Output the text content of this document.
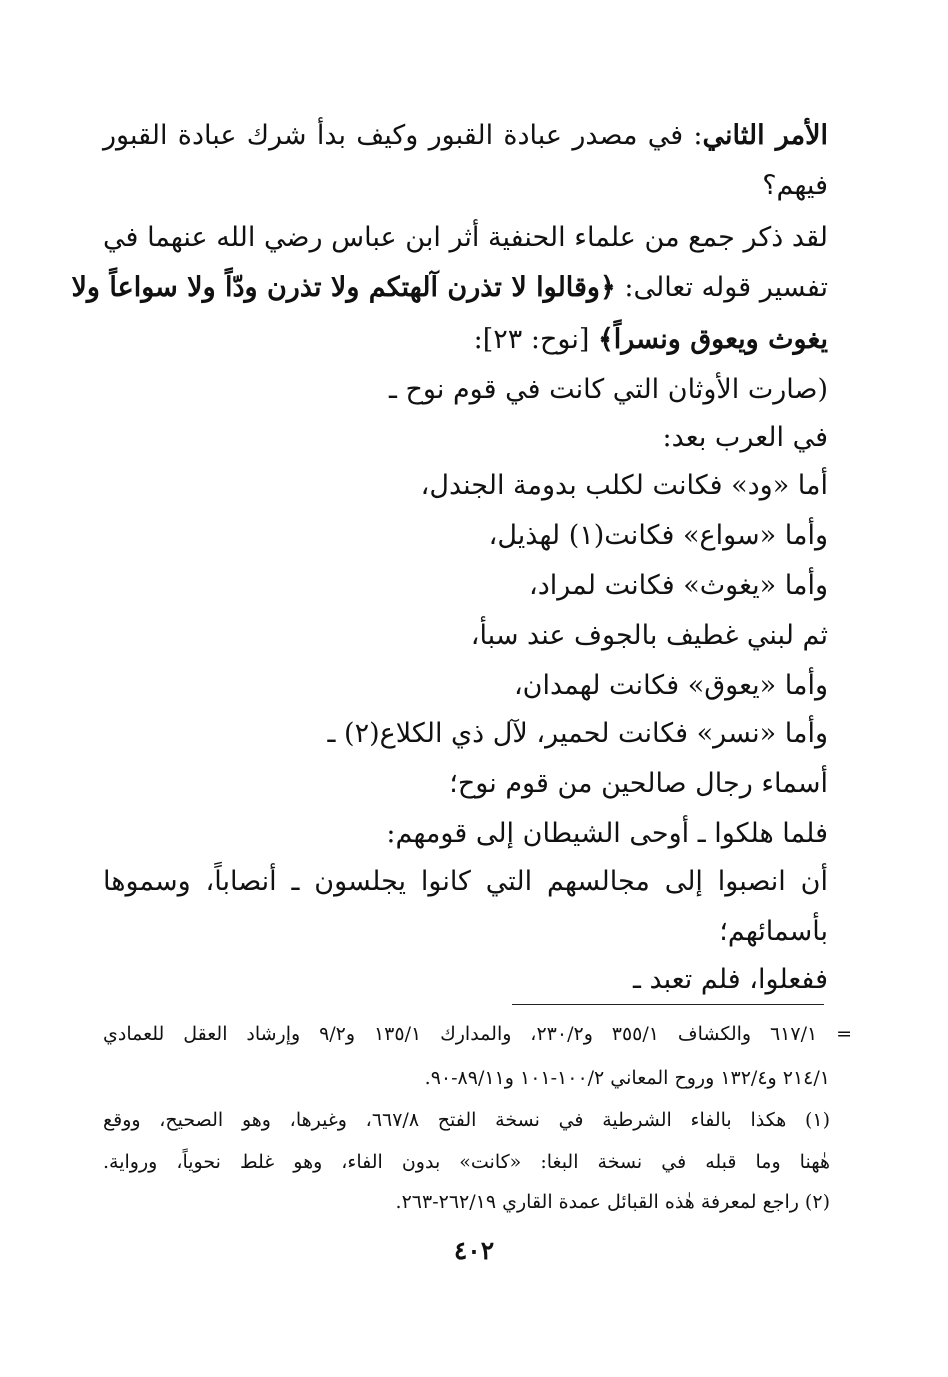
الأمر الثاني: في مصدر عبادة القبور وكيف بدأ شرك عبادة القبور
فيهم؟
لقد ذكر جمع من علماء الحنفية أثر ابن عباس رضي الله عنهما في
تفسير قوله تعالى: ﴿وقالوا لا تذرن آلهتكم ولا تذرن ودّاً ولا سواعاً ولا
يغوث ويعوق ونسراً﴾ [نوح: ٢٣]:
(صارت الأوثان التي كانت في قوم نوح ـ
في العرب بعد:
أما «ود» فكانت لكلب بدومة الجندل،
وأما «سواع» فكانت(١) لهذيل،
وأما «يغوث» فكانت لمراد،
ثم لبني غطيف بالجوف عند سبأ،
وأما «يعوق» فكانت لهمدان،
وأما «نسر» فكانت لحمير، لآل ذي الكلاع(٢) ـ
أسماء رجال صالحين من قوم نوح؛
فلما هلكوا ـ أوحى الشيطان إلى قومهم:
أن انصبوا إلى مجالسهم التي كانوا يجلسون ـ أنصاباً، وسموها
بأسمائهم؛
ففعلوا، فلم تعبد ـ
= ٦١٧/١ والكشاف ٣٥٥/١ و٢٣٠/٢، والمدارك ١٣٥/١ و٩/٢ وإرشاد العقل للعمادي
٢١٤/١ و١٣٢/٤ وروح المعاني ١٠٠/٢-١٠١ و٨٩/١١-٩٠.
(١) هكذا بالفاء الشرطية في نسخة الفتح ٦٦٧/٨، وغيرها، وهو الصحيح، ووقع
هٰهنا وما قبله في نسخة البغا: «كانت» بدون الفاء، وهو غلط نحوياً، ورواية.
(٢) راجع لمعرفة هٰذه القبائل عمدة القاري ٢٦٢/١٩-٢٦٣.
٤٠٢
